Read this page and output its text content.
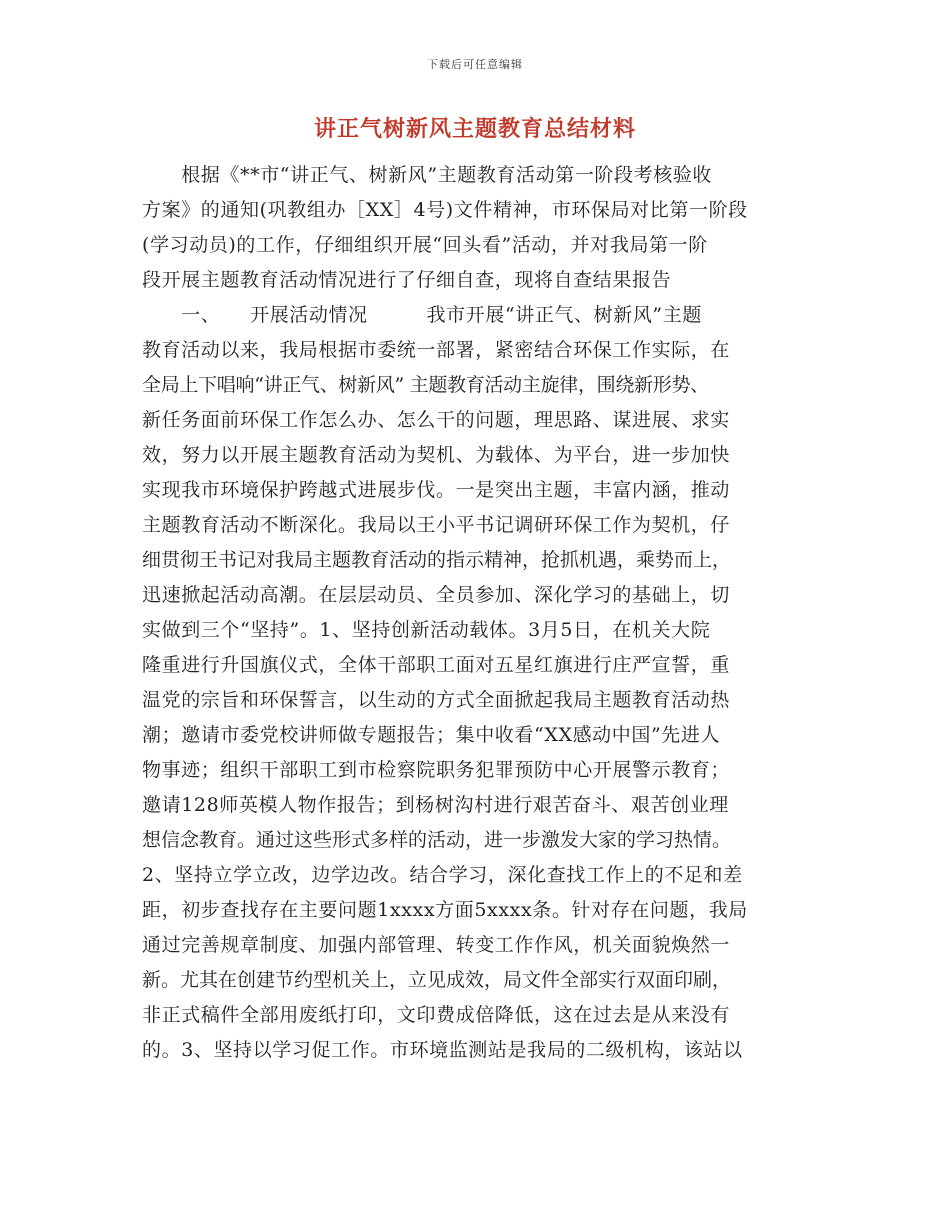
下载后可任意编辑
讲正气树新风主题教育总结材料
　　根据《**市“讲正气、树新风”主题教育活动第一阶段考核验收
方案》的通知(巩教组办［XX］4号)文件精神，市环保局对比第一阶段
(学习动员)的工作，仔细组织开展“回头看”活动，并对我局第一阶
段开展主题教育活动情况进行了仔细自查，现将自查结果报告
　　一、　　开展活动情况　　　我市开展“讲正气、树新风”主题
教育活动以来，我局根据市委统一部署，紧密结合环保工作实际，在
全局上下唱响“讲正气、树新风” 主题教育活动主旋律，围绕新形势、
新任务面前环保工作怎么办、怎么干的问题，理思路、谋进展、求实
效，努力以开展主题教育活动为契机、为载体、为平台，进一步加快
实现我市环境保护跨越式进展步伐。一是突出主题，丰富内涵，推动
主题教育活动不断深化。我局以王小平书记调研环保工作为契机，仔
细贯彻王书记对我局主题教育活动的指示精神，抢抓机遇，乘势而上，
迅速掀起活动高潮。在层层动员、全员参加、深化学习的基础上，切
实做到三个“坚持”。1、坚持创新活动载体。3月5日，在机关大院
隆重进行升国旗仪式，全体干部职工面对五星红旗进行庄严宣誓，重
温党的宗旨和环保誓言，以生动的方式全面掀起我局主题教育活动热
潮；邀请市委党校讲师做专题报告；集中收看“XX感动中国”先进人
物事迹；组织干部职工到市检察院职务犯罪预防中心开展警示教育；
邀请128师英模人物作报告；到杨树沟村进行艰苦奋斗、艰苦创业理
想信念教育。通过这些形式多样的活动，进一步激发大家的学习热情。
2、坚持立学立改，边学边改。结合学习，深化查找工作上的不足和差
距，初步查找存在主要问题1xxxx方面5xxxx条。针对存在问题，我局
通过完善规章制度、加强内部管理、转变工作作风，机关面貌焕然一
新。尤其在创建节约型机关上，立见成效，局文件全部实行双面印刷，
非正式稿件全部用废纸打印，文印费成倍降低，这在过去是从来没有
的。3、坚持以学习促工作。市环境监测站是我局的二级机构，该站以
